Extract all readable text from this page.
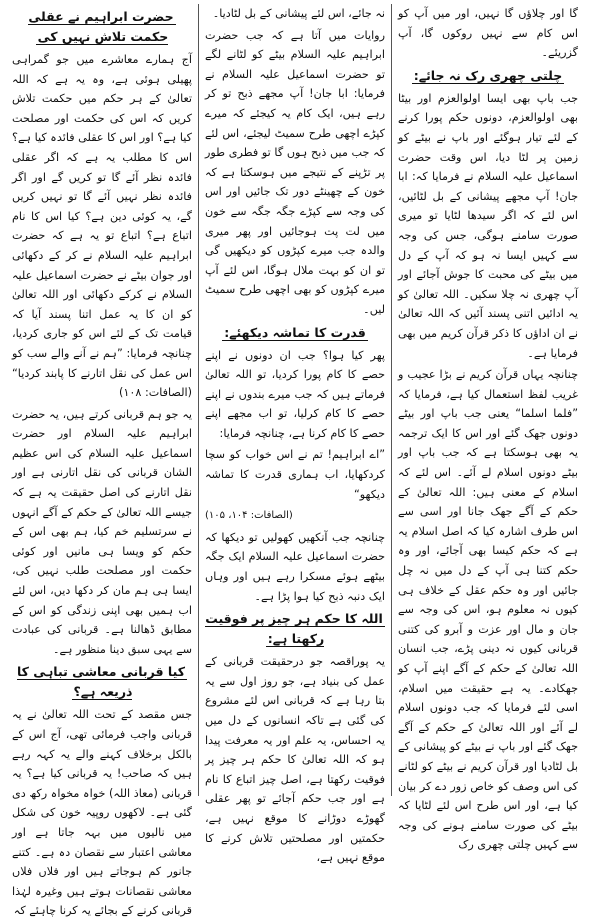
گا اور چلاؤں گا نہیں، اور میں آپ کو اس کام سے نہیں روکوں گا، آپ گزریئے۔

چلتی چھری رک نہ جائے:

جب باپ بھی ایسا اولوالعزم اور بیٹا بھی اولوالعزم، دونوں حکم پورا کرنے کے لئے تیار ہوگئے اور باپ نے بیٹے کو زمین پر لٹا دیا، اس وقت حضرت اسماعیل علیہ السلام نے فرمایا کہ: ابا جان! آپ مجھے پیشانی کے بل لٹائیں، اس لئے کہ اگر سیدھا لٹایا تو میری صورت سامنے ہوگی، جس کی وجہ سے کہیں ایسا نہ ہو کہ آپ کے دل میں بیٹے کی محبت کا جوش آجائے اور آپ چھری نہ چلا سکیں۔ اللہ تعالیٰ کو یہ ادائیں اتنی پسند آئیں کہ اللہ تعالیٰ نے ان اداؤں کا ذکر قرآن کریم میں بھی فرمایا ہے۔

چنانچہ یہاں قرآن کریم نے بڑا عجیب و غریب لفظ استعمال کیا ہے، فرمایا کہ ”فلما اسلما“ یعنی جب باپ اور بیٹے دونوں جھک گئے اور اس کا ایک ترجمہ یہ بھی ہوسکتا ہے کہ جب باپ اور بیٹے دونوں اسلام لے آئے۔ اس لئے کہ اسلام کے معنی ہیں: اللہ تعالیٰ کے حکم کے آگے جھک جانا اور اسی سے اس طرف اشارہ کیا کہ اصل اسلام یہ ہے کہ حکم کیسا بھی آجائے، اور وہ حکم کتنا ہی آپ کے دل میں نہ چل جائیں اور وہ حکم عقل کے خلاف ہی کیوں نہ معلوم ہو، اس کی وجہ سے جان و مال اور عزت و آبرو کی کتنی قربانی کیوں نہ دینی پڑے، جب انسان اللہ تعالیٰ کے حکم کے آگے اپنے آپ کو جھکادے۔ یہ ہے حقیقت میں اسلام، اسی لئے فرمایا کہ جب دونوں اسلام لے آئے اور اللہ تعالیٰ کے حکم کے آگے جھک گئے اور باپ نے بیٹے کو پیشانی کے بل لٹادیا اور قرآن کریم نے بیٹے کو لٹانے کی اس وصف کو خاص زور دے کر بیان کیا ہے، اور اس طرح اس لئے لٹایا کہ بیٹے کی صورت سامنے ہونے کی وجہ سے کہیں چلتی چھری رک

نہ جائے، اس لئے پیشانی کے بل لٹادیا۔

روایات میں آتا ہے کہ جب حضرت ابراہیم علیہ السلام بیٹے کو لٹانے لگے تو حضرت اسماعیل علیہ السلام نے فرمایا: ابا جان! آپ مجھے ذبح تو کر رہے ہیں، ایک کام یہ کیجئے کہ میرے کپڑے اچھی طرح سمیٹ لیجئے، اس لئے کہ جب میں ذبح ہوں گا تو فطری طور پر تڑپنے کے نتیجے میں ہوسکتا ہے کہ خون کے چھینٹے دور تک جائیں اور اس کی وجہ سے کپڑے جگہ جگہ سے خون میں لت پت ہوجائیں اور پھر میری والدہ جب میرے کپڑوں کو دیکھیں گی تو ان کو بہت ملال ہوگا، اس لئے آپ میرے کپڑوں کو بھی اچھی طرح سمیٹ لیں۔

قدرت کا تماشہ دیکھئے:

پھر کیا ہوا؟ جب ان دونوں نے اپنے حصے کا کام پورا کردیا، تو اللہ تعالیٰ فرماتے ہیں کہ جب میرے بندوں نے اپنے حصے کا کام کرلیا، تو اب مجھے اپنے حصے کا کام کرنا ہے، چنانچہ فرمایا:

”اے ابراہیم! تم نے اس خواب کو سچا کردکھایا، اب ہماری قدرت کا تماشہ دیکھو“

(الصافات: ۱۰۴، ۱۰۵)

چنانچہ جب آنکھیں کھولیں تو دیکھا کہ حضرت اسماعیل علیہ السلام ایک جگہ بیٹھے ہوئے مسکرا رہے ہیں اور وہاں ایک دنبہ ذبح کیا ہوا پڑا ہے۔

اللہ کا حکم ہر چیز پر فوقیت رکھتا ہے:

یہ پوراقصہ جو درحقیقت قربانی کے عمل کی بنیاد ہے، جو روز اول سے یہ بتا رہا ہے کہ قربانی اس لئے مشروع کی گئی ہے تاکہ انسانوں کے دل میں یہ احساس، یہ علم اور یہ معرفت پیدا ہو کہ اللہ تعالیٰ کا حکم ہر چیز پر فوقیت رکھتا ہے، اصل چیز اتباع کا نام ہے اور جب حکم آجائے تو پھر عقلی گھوڑے دوڑانے کا موقع نہیں ہے، حکمتیں اور مصلحتیں تلاش کرنے کا موقع نہیں ہے،

حضرت ابراہیم نے عقلی حکمت تلاش نہیں کی

آج ہمارے معاشرے میں جو گمراہی پھیلی ہوئی ہے، وہ یہ ہے کہ اللہ تعالیٰ کے ہر حکم میں حکمت تلاش کریں کہ اس کی حکمت اور مصلحت کیا ہے؟ اور اس کا عقلی فائدہ کیا ہے؟ اس کا مطلب یہ ہے کہ اگر عقلی فائدہ نظر آئے گا تو کریں گے اور اگر فائدہ نظر نہیں آئے گا تو نہیں کریں گے، یہ کوئی دین ہے؟ کیا اس کا نام اتباع ہے؟ اتباع تو یہ ہے کہ حضرت ابراہیم علیہ السلام نے کر کے دکھائی اور جوان بیٹے نے حضرت اسماعیل علیہ السلام نے کرکے دکھائی اور اللہ تعالیٰ کو ان کا یہ عمل اتنا پسند آیا کہ قیامت تک کے لئے اس کو جاری کردیا، چنانچہ فرمایا: ”ہم نے آنے والے سب کو اس عمل کی نقل اتارنے کا پابند کردیا“ (الصافات: ۱۰۸)

یہ جو ہم قربانی کرتے ہیں، یہ حضرت ابراہیم علیہ السلام اور حضرت اسماعیل علیہ السلام کی اس عظیم الشان قربانی کی نقل اتارنی ہے اور نقل اتارنے کی اصل حقیقت یہ ہے کہ جیسے اللہ تعالیٰ کے حکم کے آگے انہوں نے سرتسلیم خم کیا، ہم بھی اس کے حکم کو ویسا ہی مانیں اور کوئی حکمت اور مصلحت طلب نہیں کی، ایسا ہی ہم مان کر دکھا دیں، اس لئے اب ہمیں بھی اپنی زندگی کو اس کے مطابق ڈھالنا ہے۔ قربانی کی عبادت سے یہی سبق دینا منظور ہے۔

کیا قربانی معاشی تباہی کا ذریعہ ہے؟

جس مقصد کے تحت اللہ تعالیٰ نے یہ قربانی واجب فرمائی تھی، آج اس کے بالکل برخلاف کہنے والے یہ کہہ رہے ہیں کہ صاحب! یہ قربانی کیا ہے؟ یہ قربانی (معاذ اللہ) خواہ مخواہ رکھ دی گئی ہے۔ لاکھوں روپیہ خون کی شکل میں نالیوں میں بہہ جاتا ہے اور معاشی اعتبار سے نقصان دہ ہے۔ کتنے جانور کم ہوجاتے ہیں اور فلاں فلاں معاشی نقصانات ہوتے ہیں وغیرہ لہٰذا قربانی کرنے کے بجائے یہ کرنا چاہئے کہ
